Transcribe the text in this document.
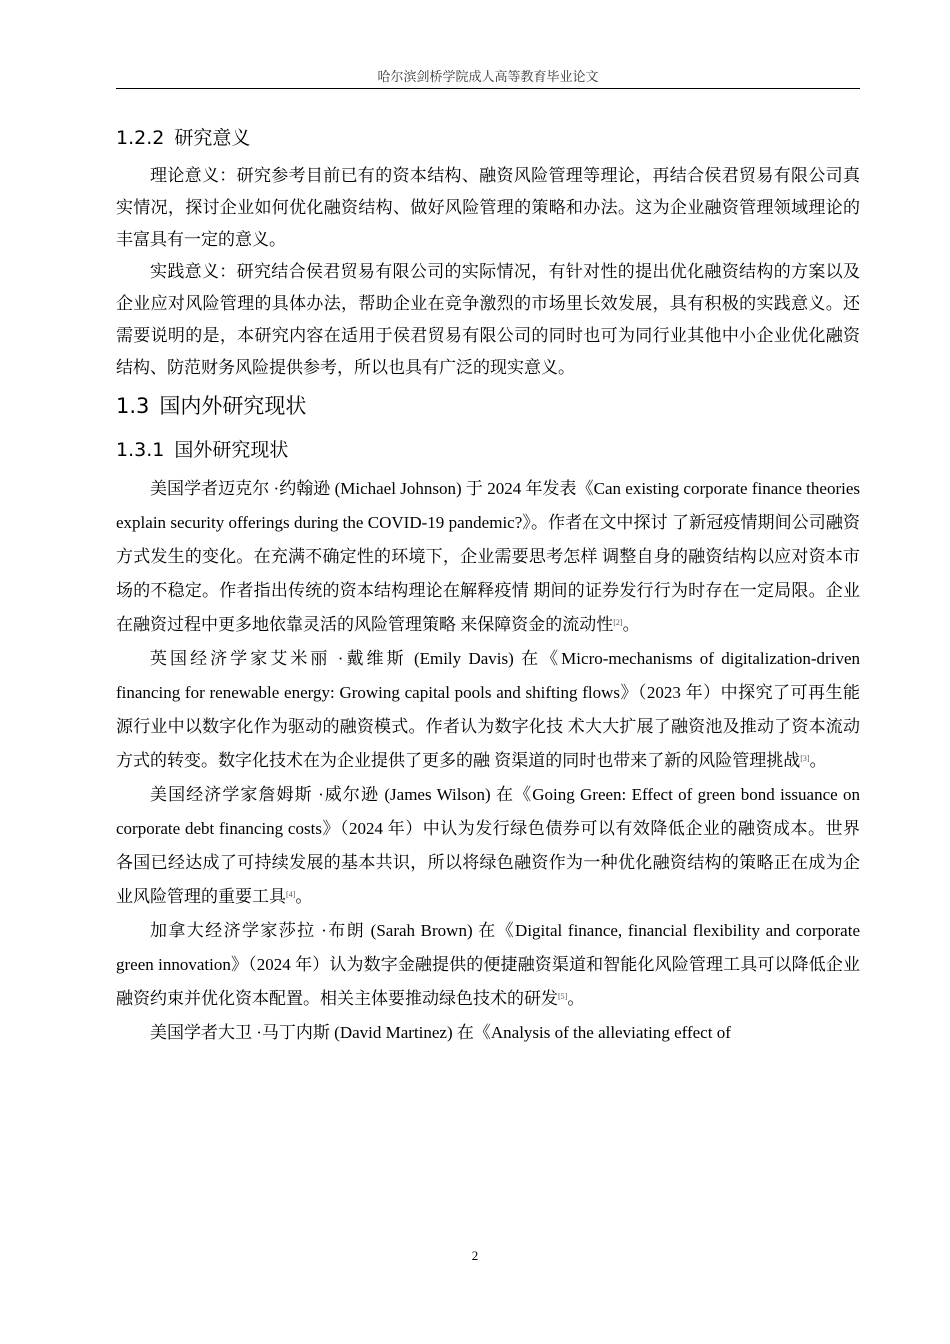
哈尔滨剑桥学院成人高等教育毕业论文
1.2.2 研究意义

理论意义：研究参考目前已有的资本结构、融资风险管理等理论，再结合侯君贸易有限公司真实情况，探讨企业如何优化融资结构、做好风险管理的策略和办法。这为企业融资管理领域理论的丰富具有一定的意义。

实践意义：研究结合侯君贸易有限公司的实际情况，有针对性的提出优化融资结构的方案以及企业应对风险管理的具体办法，帮助企业在竞争激烈的市场里长效发展，具有积极的实践意义。还需要说明的是，本研究内容在适用于侯君贸易有限公司的同时也可为同行业其他中小企业优化融资结构、防范财务风险提供参考，所以也具有广泛的现实意义。

1.3 国内外研究现状
1.3.1 国外研究现状

美国学者迈克尔 ·约翰逊 (Michael Johnson) 于 2024 年发表《Can existing corporate finance theories explain security offerings during the COVID-19 pandemic?》。作者在文中探讨 了新冠疫情期间公司融资方式发生的变化。在充满不确定性的环境下，企业需要思考怎样 调整自身的融资结构以应对资本市场的不稳定。作者指出传统的资本结构理论在解释疫情 期间的证券发行行为时存在一定局限。企业在融资过程中更多地依靠灵活的风险管理策略 来保障资金的流动性[2]。

英国经济学家艾米丽 ·戴维斯 (Emily Davis) 在《Micro-mechanisms of digitalization-driven financing for renewable energy: Growing capital pools and shifting flows》（2023 年）中探究了可再生能源行业中以数字化作为驱动的融资模式。作者认为数字化技 术大大扩展了融资池及推动了资本流动方式的转变。数字化技术在为企业提供了更多的融 资渠道的同时也带来了新的风险管理挑战[3]。

美国经济学家詹姆斯 ·威尔逊 (James Wilson) 在《Going Green: Effect of green bond issuance on corporate debt financing costs》（2024 年）中认为发行绿色债券可以有效降低企业的融资成本。世界各国已经达成了可持续发展的基本共识，所以将绿色融资作为一种优化融资结构的策略正在成为企业风险管理的重要工具[4]。

加拿大经济学家莎拉 ·布朗 (Sarah Brown) 在《Digital finance, financial flexibility and corporate green innovation》（2024 年）认为数字金融提供的便捷融资渠道和智能化风险管理工具可以降低企业融资约束并优化资本配置。相关主体要推动绿色技术的研发[5]。

美国学者大卫 ·马丁内斯 (David Martinez) 在《Analysis of the alleviating effect of

2
